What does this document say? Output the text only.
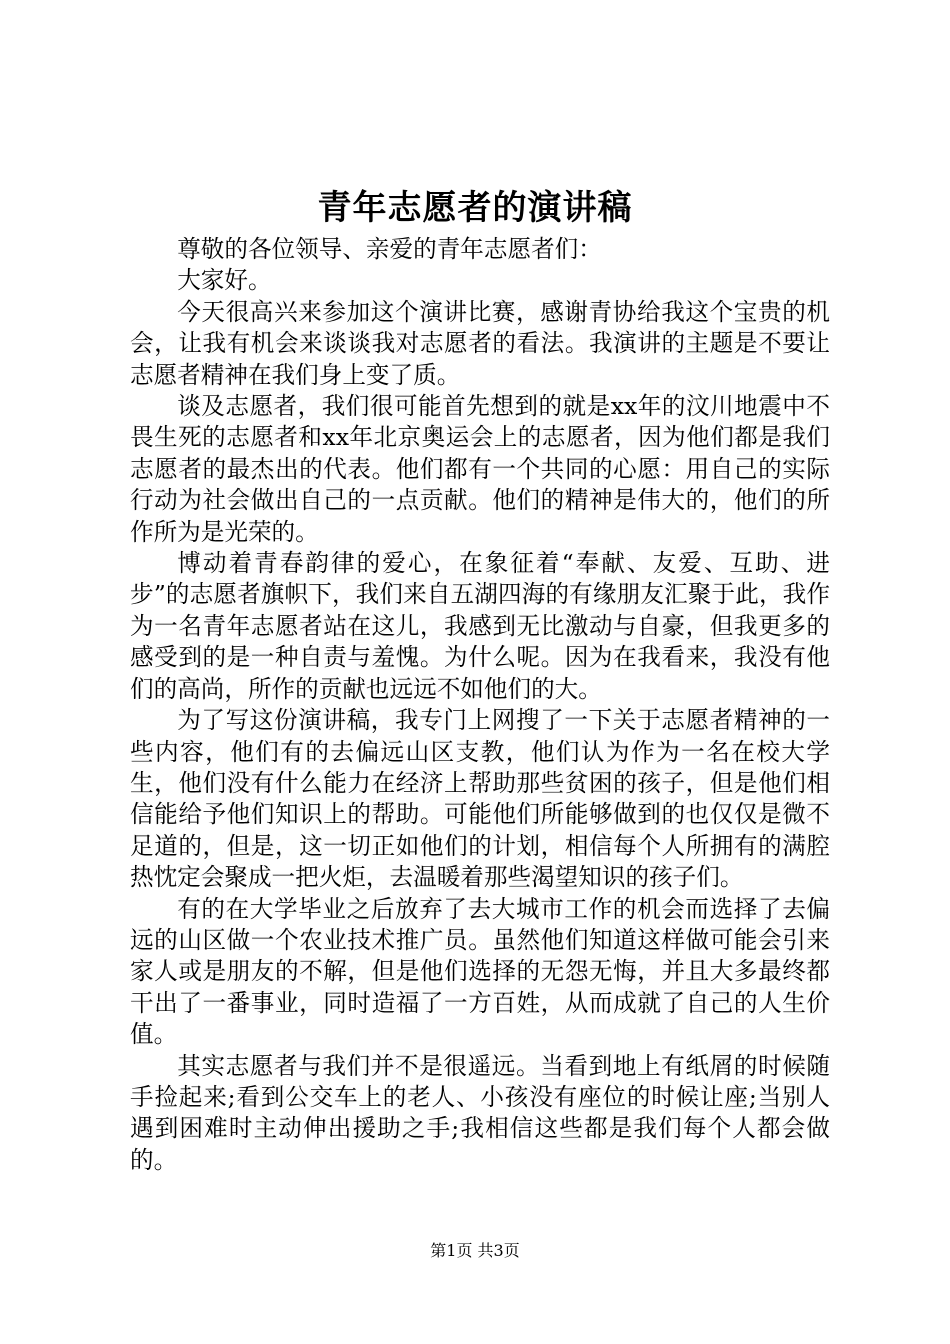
青年志愿者的演讲稿

尊敬的各位领导、亲爱的青年志愿者们：

大家好。

今天很高兴来参加这个演讲比赛，感谢青协给我这个宝贵的机会，让我有机会来谈谈我对志愿者的看法。我演讲的主题是不要让志愿者精神在我们身上变了质。

谈及志愿者，我们很可能首先想到的就是xx年的汶川地震中不畏生死的志愿者和xx年北京奥运会上的志愿者，因为他们都是我们志愿者的最杰出的代表。他们都有一个共同的心愿：用自己的实际行动为社会做出自己的一点贡献。他们的精神是伟大的，他们的所作所为是光荣的。

博动着青春韵律的爱心，在象征着“奉献、友爱、互助、进步”的志愿者旗帜下，我们来自五湖四海的有缘朋友汇聚于此，我作为一名青年志愿者站在这儿，我感到无比激动与自豪，但我更多的感受到的是一种自责与羞愧。为什么呢。因为在我看来，我没有他们的高尚，所作的贡献也远远不如他们的大。

为了写这份演讲稿，我专门上网搜了一下关于志愿者精神的一些内容，他们有的去偏远山区支教，他们认为作为一名在校大学生，他们没有什么能力在经济上帮助那些贫困的孩子，但是他们相信能给予他们知识上的帮助。可能他们所能够做到的也仅仅是微不足道的，但是，这一切正如他们的计划，相信每个人所拥有的满腔热忱定会聚成一把火炬，去温暖着那些渴望知识的孩子们。

有的在大学毕业之后放弃了去大城市工作的机会而选择了去偏远的山区做一个农业技术推广员。虽然他们知道这样做可能会引来家人或是朋友的不解，但是他们选择的无怨无悔，并且大多最终都干出了一番事业，同时造福了一方百姓，从而成就了自己的人生价值。

其实志愿者与我们并不是很遥远。当看到地上有纸屑的时候随手捡起来;看到公交车上的老人、小孩没有座位的时候让座;当别人遇到困难时主动伸出援助之手;我相信这些都是我们每个人都会做的。

第1页 共3页
